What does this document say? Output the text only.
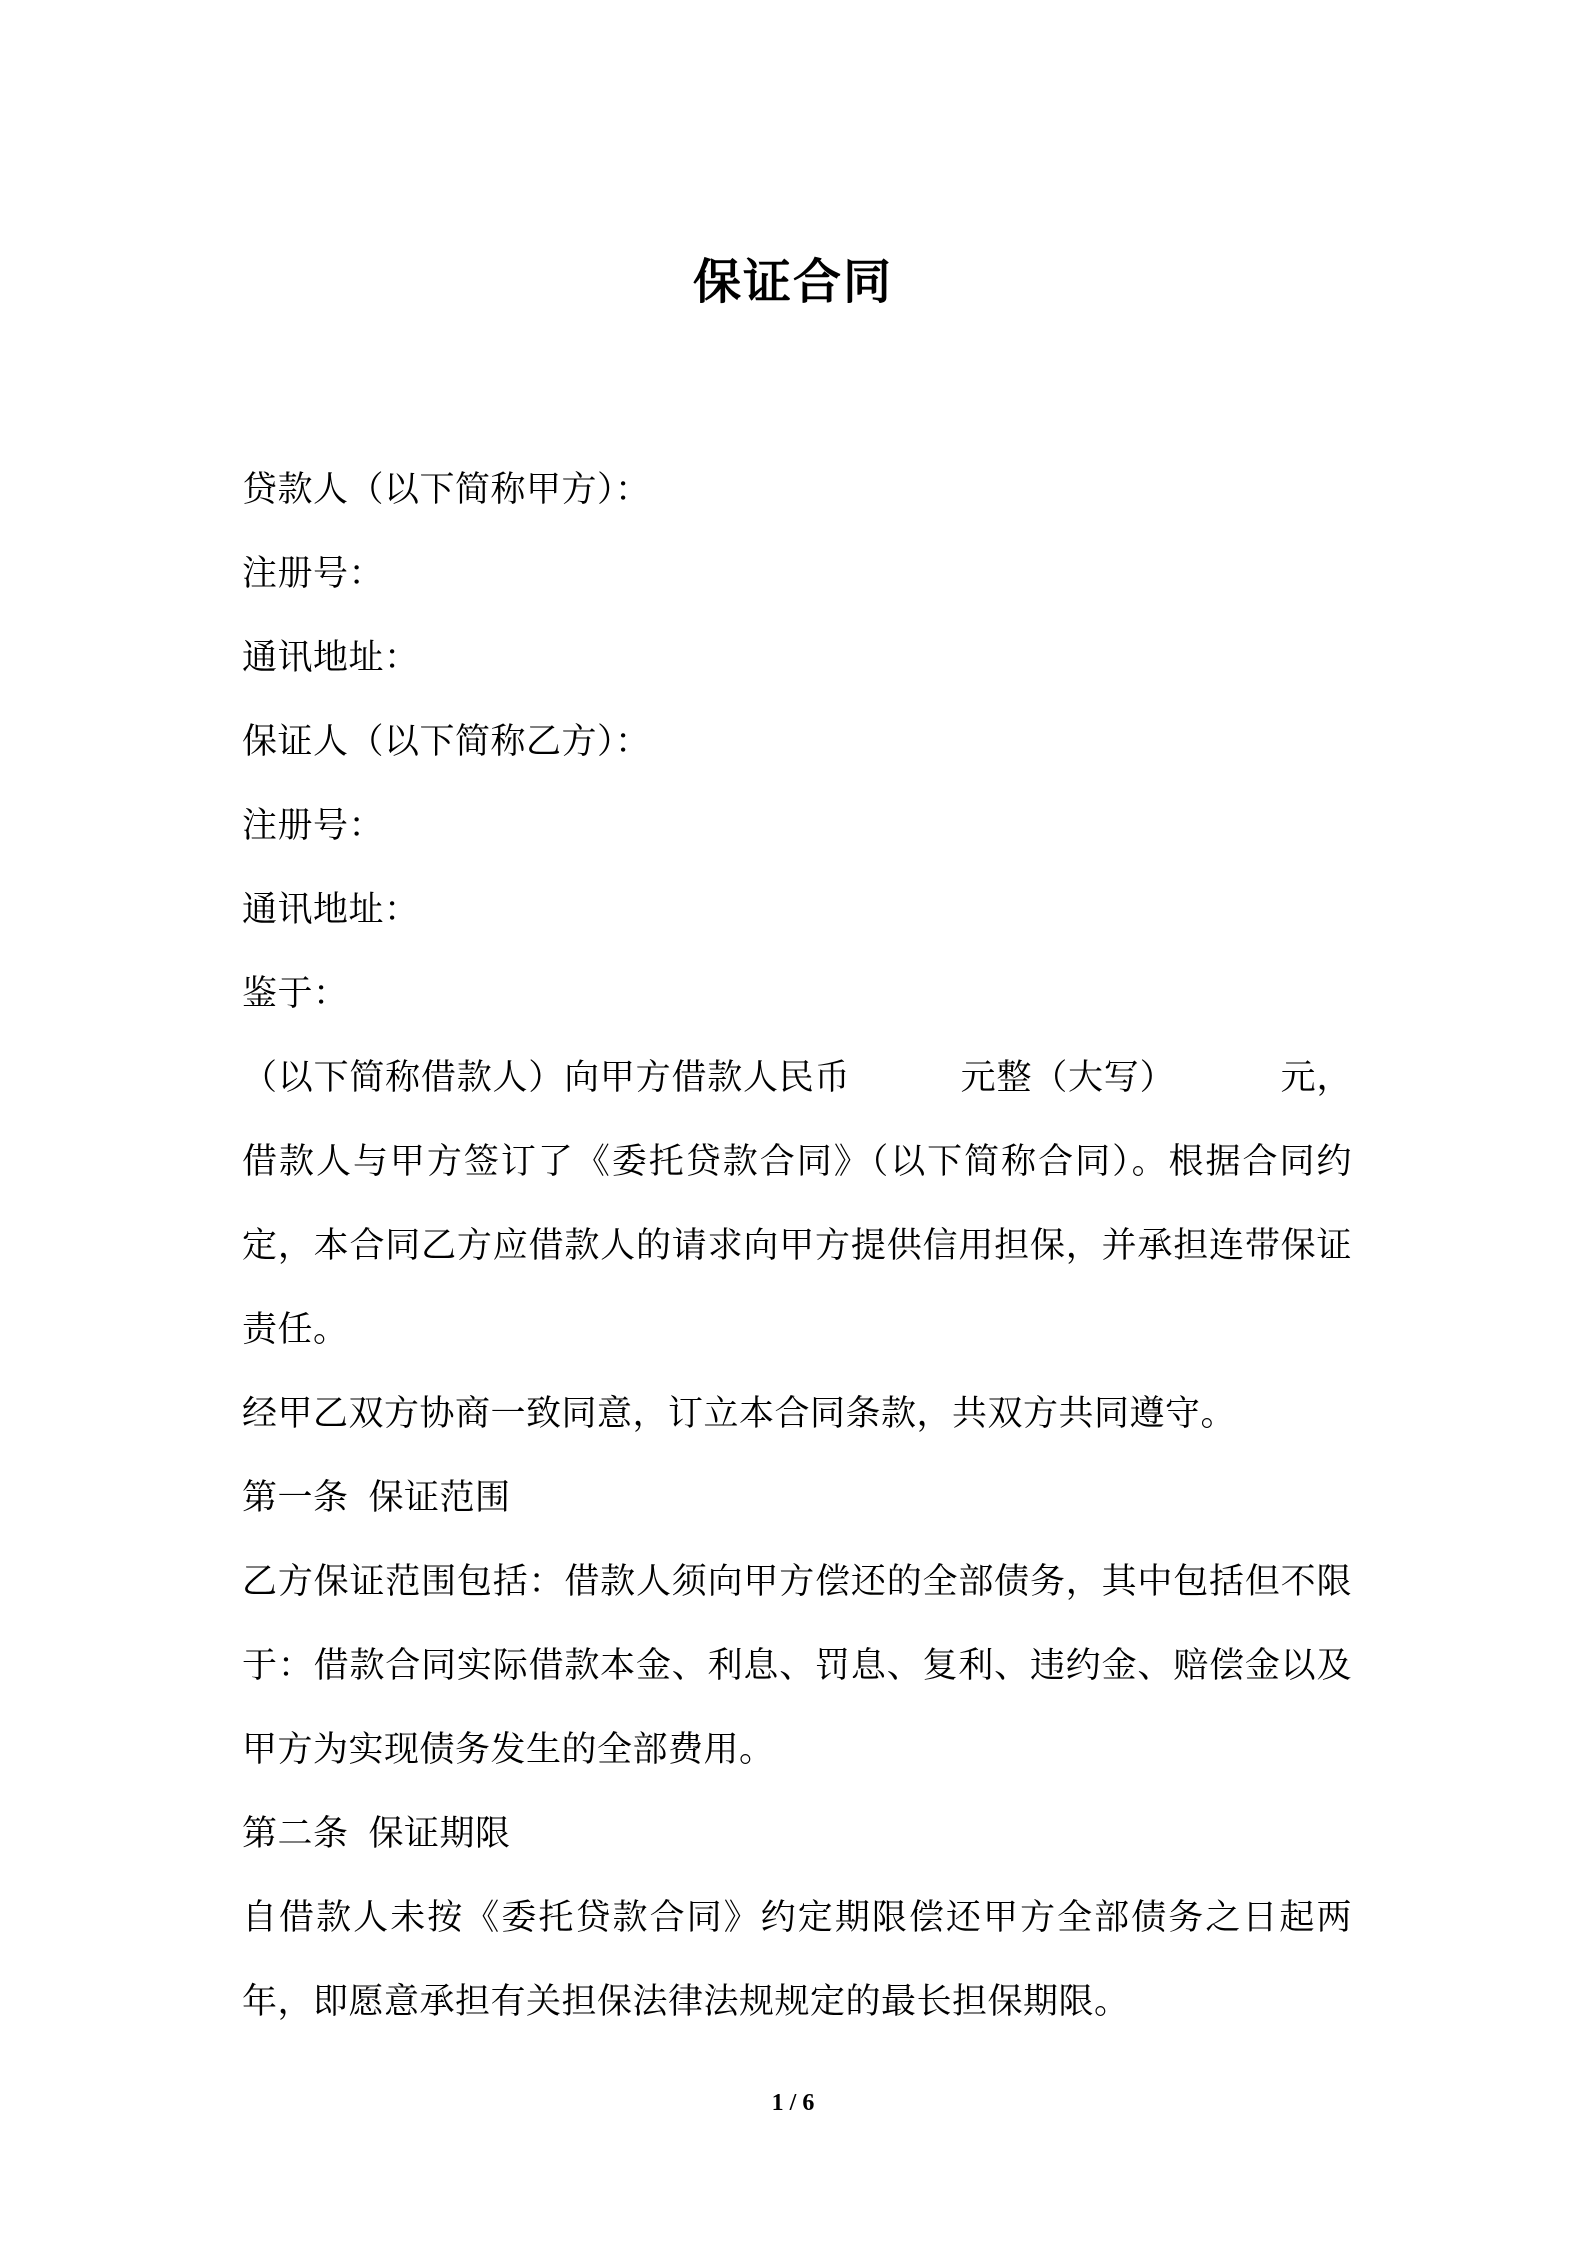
保证合同
贷款人（以下简称甲方）：
注册号：
通讯地址：
保证人（以下简称乙方）：
注册号：
通讯地址：
鉴于：
（以下简称借款人）向甲方借款人民币	元整（大写）	元，借款人与甲方签订了《委托贷款合同》（以下简称合同）。根据合同约定，本合同乙方应借款人的请求向甲方提供信用担保，并承担连带保证责任。
经甲乙双方协商一致同意，订立本合同条款，共双方共同遵守。
第一条 保证范围
乙方保证范围包括：借款人须向甲方偿还的全部债务，其中包括但不限于：借款合同实际借款本金、利息、罚息、复利、违约金、赔偿金以及甲方为实现债务发生的全部费用。
第二条 保证期限
自借款人未按《委托贷款合同》约定期限偿还甲方全部债务之日起两年，即愿意承担有关担保法律法规规定的最长担保期限。
1 / 6
